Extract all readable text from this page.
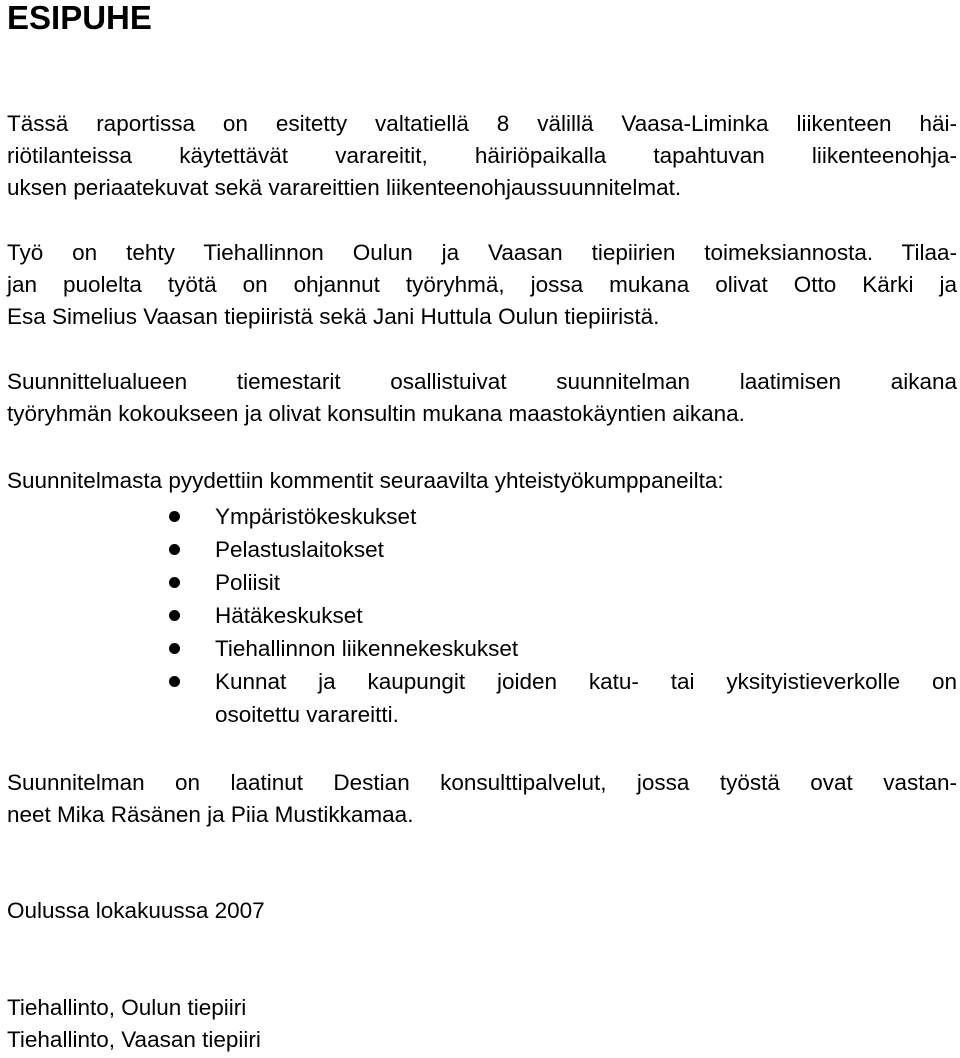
ESIPUHE

Tässä raportissa on esitetty valtatiellä 8 välillä Vaasa-Liminka liikenteen häi-
riötilanteissa käytettävät varareitit, häiriöpaikalla tapahtuvan liikenteenohja-
uksen periaatekuvat sekä varareittien liikenteenohjaussuunnitelmat.

Työ on tehty Tiehallinnon Oulun ja Vaasan tiepiirien toimeksiannosta. Tilaa-
jan puolelta työtä on ohjannut työryhmä, jossa mukana olivat Otto Kärki ja
Esa Simelius Vaasan tiepiiristä sekä Jani Huttula Oulun tiepiiristä.

Suunnittelualueen tiemestarit osallistuivat suunnitelman laatimisen aikana
työryhmän kokoukseen ja olivat konsultin mukana maastokäyntien aikana.

Suunnitelmasta pyydettiin kommentit seuraavilta yhteistyökumppaneilta:

Ympäristökeskukset
Pelastuslaitokset
Poliisit
Hätäkeskukset
Tiehallinnon liikennekeskukset
Kunnat ja kaupungit joiden katu- tai yksityistieverkolle on
osoitettu varareitti.

Suunnitelman on laatinut Destian konsulttipalvelut, jossa työstä ovat vastan-
neet Mika Räsänen ja Piia Mustikkamaa.

Oulussa lokakuussa 2007

Tiehallinto, Oulun tiepiiri
Tiehallinto, Vaasan tiepiiri
